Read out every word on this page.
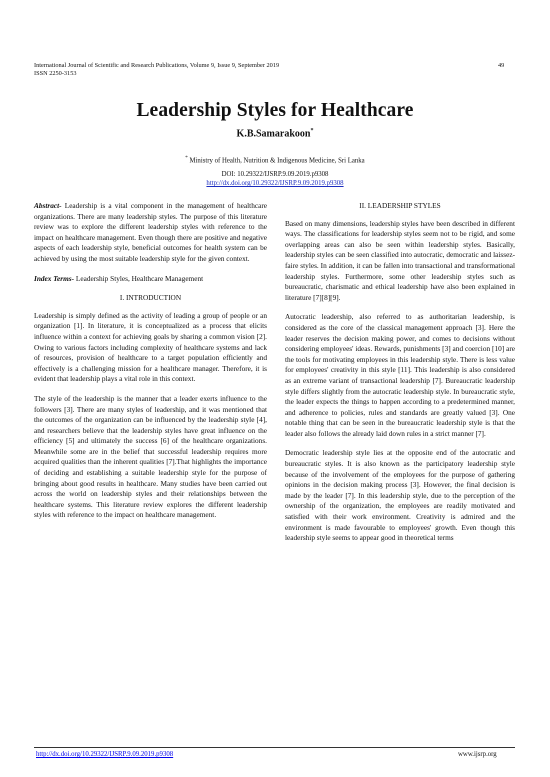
International Journal of Scientific and Research Publications, Volume 9, Issue 9, September 2019
ISSN 2250-3153
49
Leadership Styles for Healthcare
K.B.Samarakoon*
* Ministry of Health, Nutrition & Indigenous Medicine, Sri Lanka
DOI: 10.29322/IJSRP.9.09.2019.p9308
http://dx.doi.org/10.29322/IJSRP.9.09.2019.p9308

Abstract- Leadership is a vital component in the management of healthcare organizations. There are many leadership styles. The purpose of this literature review was to explore the different leadership styles with reference to the impact on healthcare management. Even though there are positive and negative aspects of each leadership style, beneficial outcomes for health system can be achieved by using the most suitable leadership style for the given context.

Index Terms- Leadership Styles, Healthcare Management

I. INTRODUCTION

Leadership is simply defined as the activity of leading a group of people or an organization [1]. In literature, it is conceptualized as a process that elicits influence within a context for achieving goals by sharing a common vision [2]. Owing to various factors including complexity of healthcare systems and lack of resources, provision of healthcare to a target population efficiently and effectively is a challenging mission for a healthcare manager. Therefore, it is evident that leadership plays a vital role in this context.

The style of the leadership is the manner that a leader exerts influence to the followers [3]. There are many styles of leadership, and it was mentioned that the outcomes of the organization can be influenced by the leadership style [4], and researchers believe that the leadership styles have great influence on the efficiency [5] and ultimately the success [6] of the healthcare organizations. Meanwhile some are in the belief that successful leadership requires more acquired qualities than the inherent qualities [7].That highlights the importance of deciding and establishing a suitable leadership style for the purpose of bringing about good results in healthcare. Many studies have been carried out across the world on leadership styles and their relationships between the healthcare systems. This literature review explores the different leadership styles with reference to the impact on healthcare management.

II. LEADERSHIP STYLES

Based on many dimensions, leadership styles have been described in different ways. The classifications for leadership styles seem not to be rigid, and some overlapping areas can also be seen within leadership styles. Basically, leadership styles can be seen classified into autocratic, democratic and laissez-faire styles. In addition, it can be fallen into transactional and transformational leadership styles. Furthermore, some other leadership styles such as bureaucratic, charismatic and ethical leadership have also been explained in literature [7][8][9].

Autocratic leadership, also referred to as authoritarian leadership, is considered as the core of the classical management approach [3]. Here the leader reserves the decision making power, and comes to decisions without considering employees' ideas. Rewards, punishments [3] and coercion [10] are the tools for motivating employees in this leadership style. There is less value for employees' creativity in this style [11]. This leadership is also considered as an extreme variant of transactional leadership [7]. Bureaucratic leadership style differs slightly from the autocratic leadership style. In bureaucratic style, the leader expects the things to happen according to a predetermined manner, and adherence to policies, rules and standards are greatly valued [3]. One notable thing that can be seen in the bureaucratic leadership style is that the leader also follows the already laid down rules in a strict manner [7].

Democratic leadership style lies at the opposite end of the autocratic and bureaucratic styles. It is also known as the participatory leadership style because of the involvement of the employees for the purpose of gathering opinions in the decision making process [3]. However, the final decision is made by the leader [7]. In this leadership style, due to the perception of the ownership of the organization, the employees are readily motivated and satisfied with their work environment. Creativity is admired and the environment is made favourable to employees' growth. Even though this leadership style seems to appear good in theoretical terms

http://dx.doi.org/10.29322/IJSRP.9.09.2019.p9308	www.ijsrp.org
